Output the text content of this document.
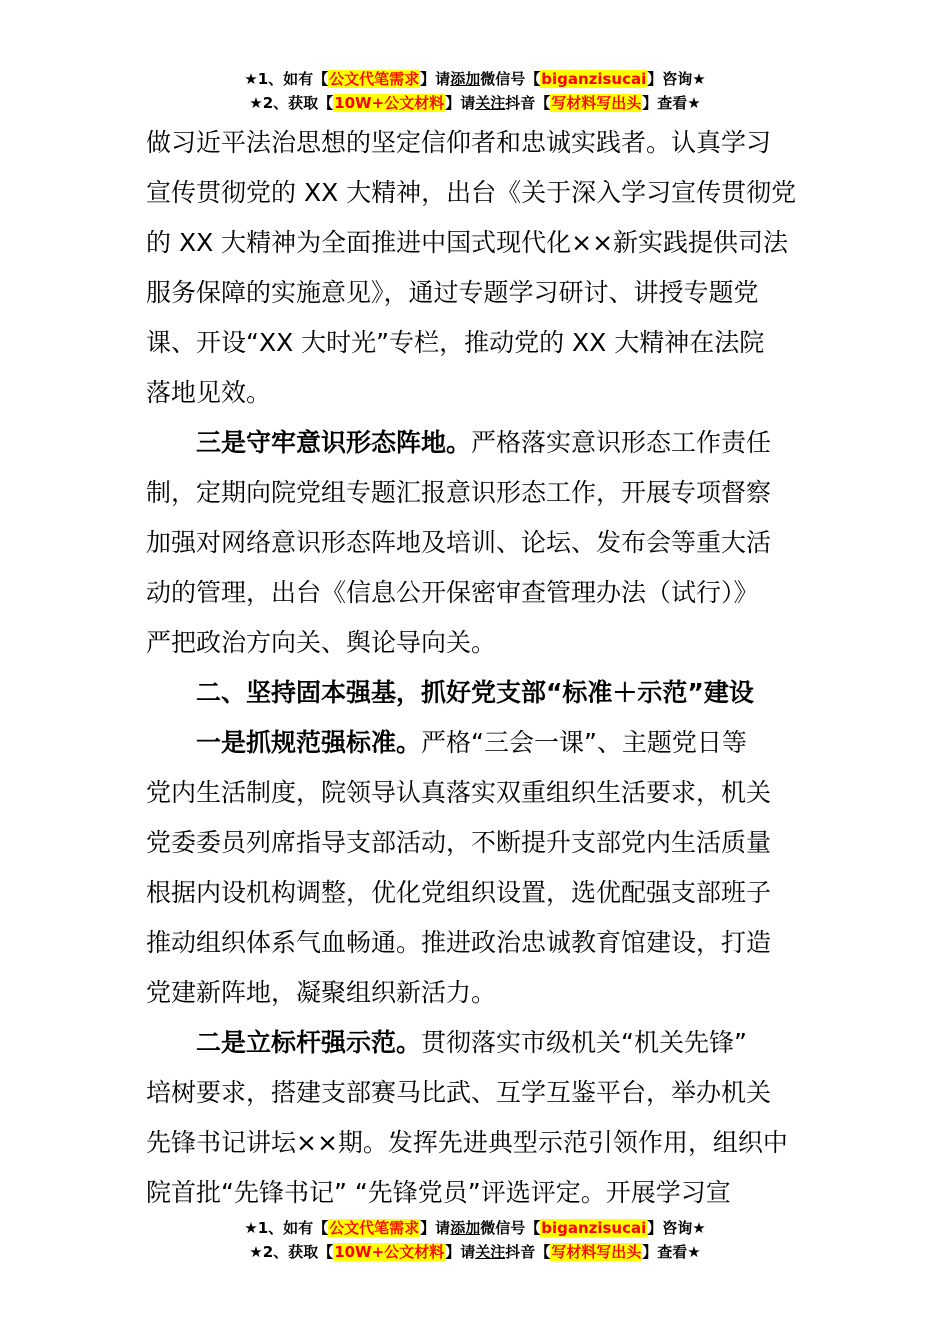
★1、如有【公文代笔需求】请添加微信号【biganzisucai】咨询★
★2、获取【10W+公文材料】请关注抖音【写材料写出头】查看★
做习近平法治思想的坚定信仰者和忠诚实践者。认真学习
宣传贯彻党的 XX 大精神，出台《关于深入学习宣传贯彻党
的 XX 大精神为全面推进中国式现代化××新实践提供司法
服务保障的实施意见》，通过专题学习研讨、讲授专题党
课、开设“XX 大时光”专栏，推动党的 XX 大精神在法院
落地见效。
三是守牢意识形态阵地。严格落实意识形态工作责任
制，定期向院党组专题汇报意识形态工作，开展专项督察
加强对网络意识形态阵地及培训、论坛、发布会等重大活
动的管理，出台《信息公开保密审查管理办法（试行）》
严把政治方向关、舆论导向关。
二、坚持固本强基，抓好党支部“标准＋示范”建设
一是抓规范强标准。严格“三会一课”、主题党日等
党内生活制度，院领导认真落实双重组织生活要求，机关
党委委员列席指导支部活动，不断提升支部党内生活质量
根据内设机构调整，优化党组织设置，选优配强支部班子
推动组织体系气血畅通。推进政治忠诚教育馆建设，打造
党建新阵地，凝聚组织新活力。
二是立标杆强示范。贯彻落实市级机关“机关先锋”
培树要求，搭建支部赛马比武、互学互鉴平台，举办机关
先锋书记讲坛××期。发挥先进典型示范引领作用，组织中
院首批“先锋书记” “先锋党员”评选评定。开展学习宣
★1、如有【公文代笔需求】请添加微信号【biganzisucai】咨询★
★2、获取【10W+公文材料】请关注抖音【写材料写出头】查看★
